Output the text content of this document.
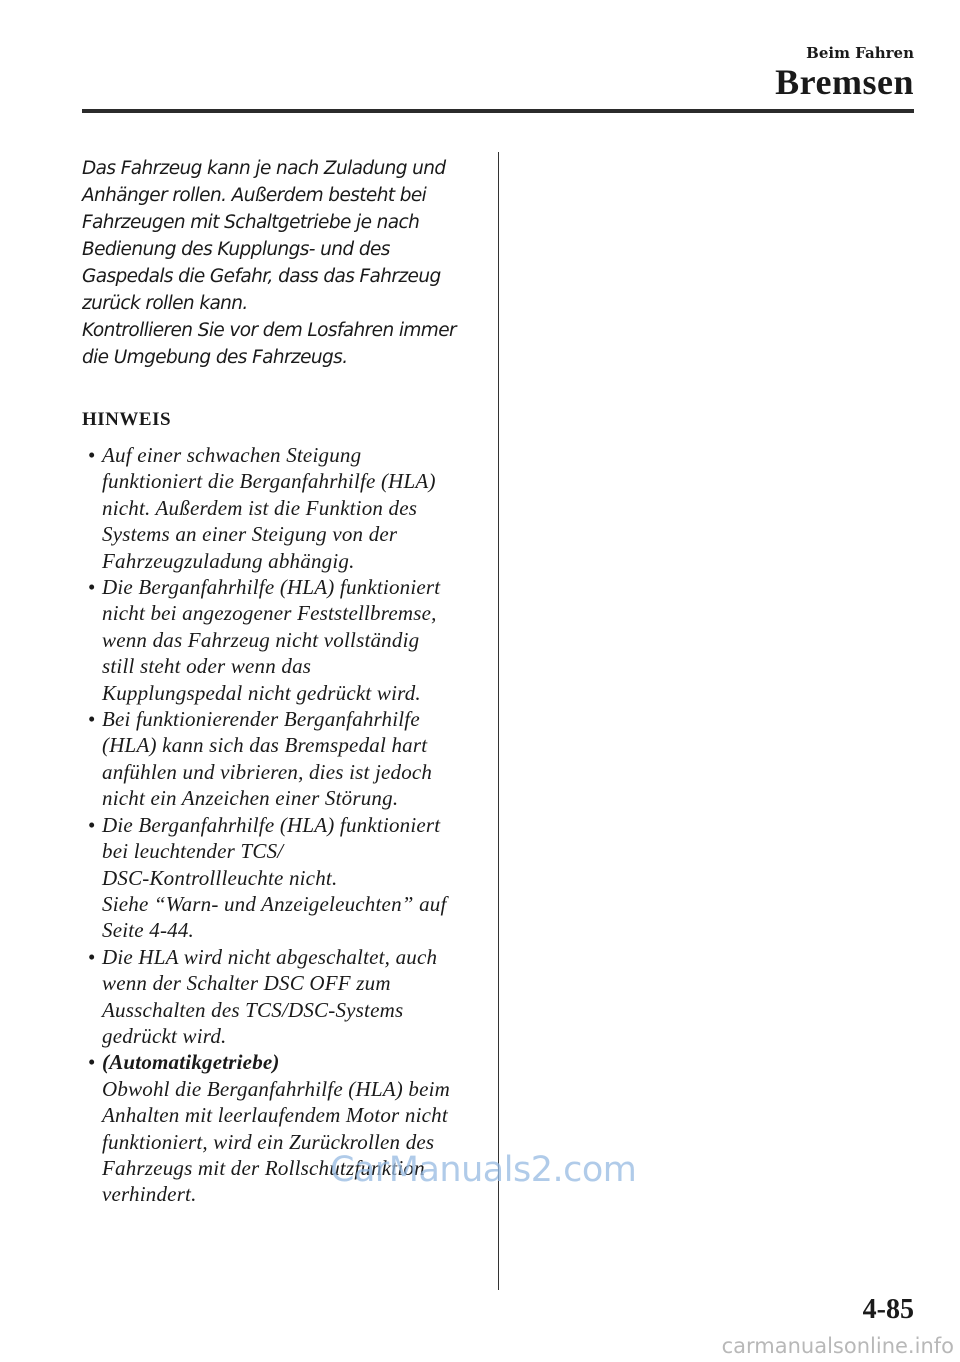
Beim Fahren
Bremsen

Das Fahrzeug kann je nach Zuladung und

Anhänger rollen. Außerdem besteht bei

Fahrzeugen mit Schaltgetriebe je nach

Bedienung des Kupplungs- und des

Gaspedals die Gefahr, dass das Fahrzeug

zurück rollen kann.

Kontrollieren Sie vor dem Losfahren immer

die Umgebung des Fahrzeugs.

HINWEIS
• Auf einer schwachen Steigung
funktioniert die Berganfahrhilfe (HLA)
nicht. Außerdem ist die Funktion des
Systems an einer Steigung von der
Fahrzeugzuladung abhängig.
• Die Berganfahrhilfe (HLA) funktioniert
nicht bei angezogener Feststellbremse,
wenn das Fahrzeug nicht vollständig
still steht oder wenn das
Kupplungspedal nicht gedrückt wird.
• Bei funktionierender Berganfahrhilfe
(HLA) kann sich das Bremspedal hart
anfühlen und vibrieren, dies ist jedoch
nicht ein Anzeichen einer Störung.
• Die Berganfahrhilfe (HLA) funktioniert
bei leuchtender TCS/
DSC-Kontrollleuchte nicht.
Siehe “Warn- und Anzeigeleuchten” auf
Seite 4-44.
• Die HLA wird nicht abgeschaltet, auch
wenn der Schalter DSC OFF zum
Ausschalten des TCS/DSC-Systems
gedrückt wird.
• (Automatikgetriebe)
Obwohl die Berganfahrhilfe (HLA) beim
Anhalten mit leerlaufendem Motor nicht
funktioniert, wird ein Zurückrollen des
Fahrzeugs mit der Rollschutzfunktion
verhindert.
CarManuals2.com
4-85
carmanualsonline.info
